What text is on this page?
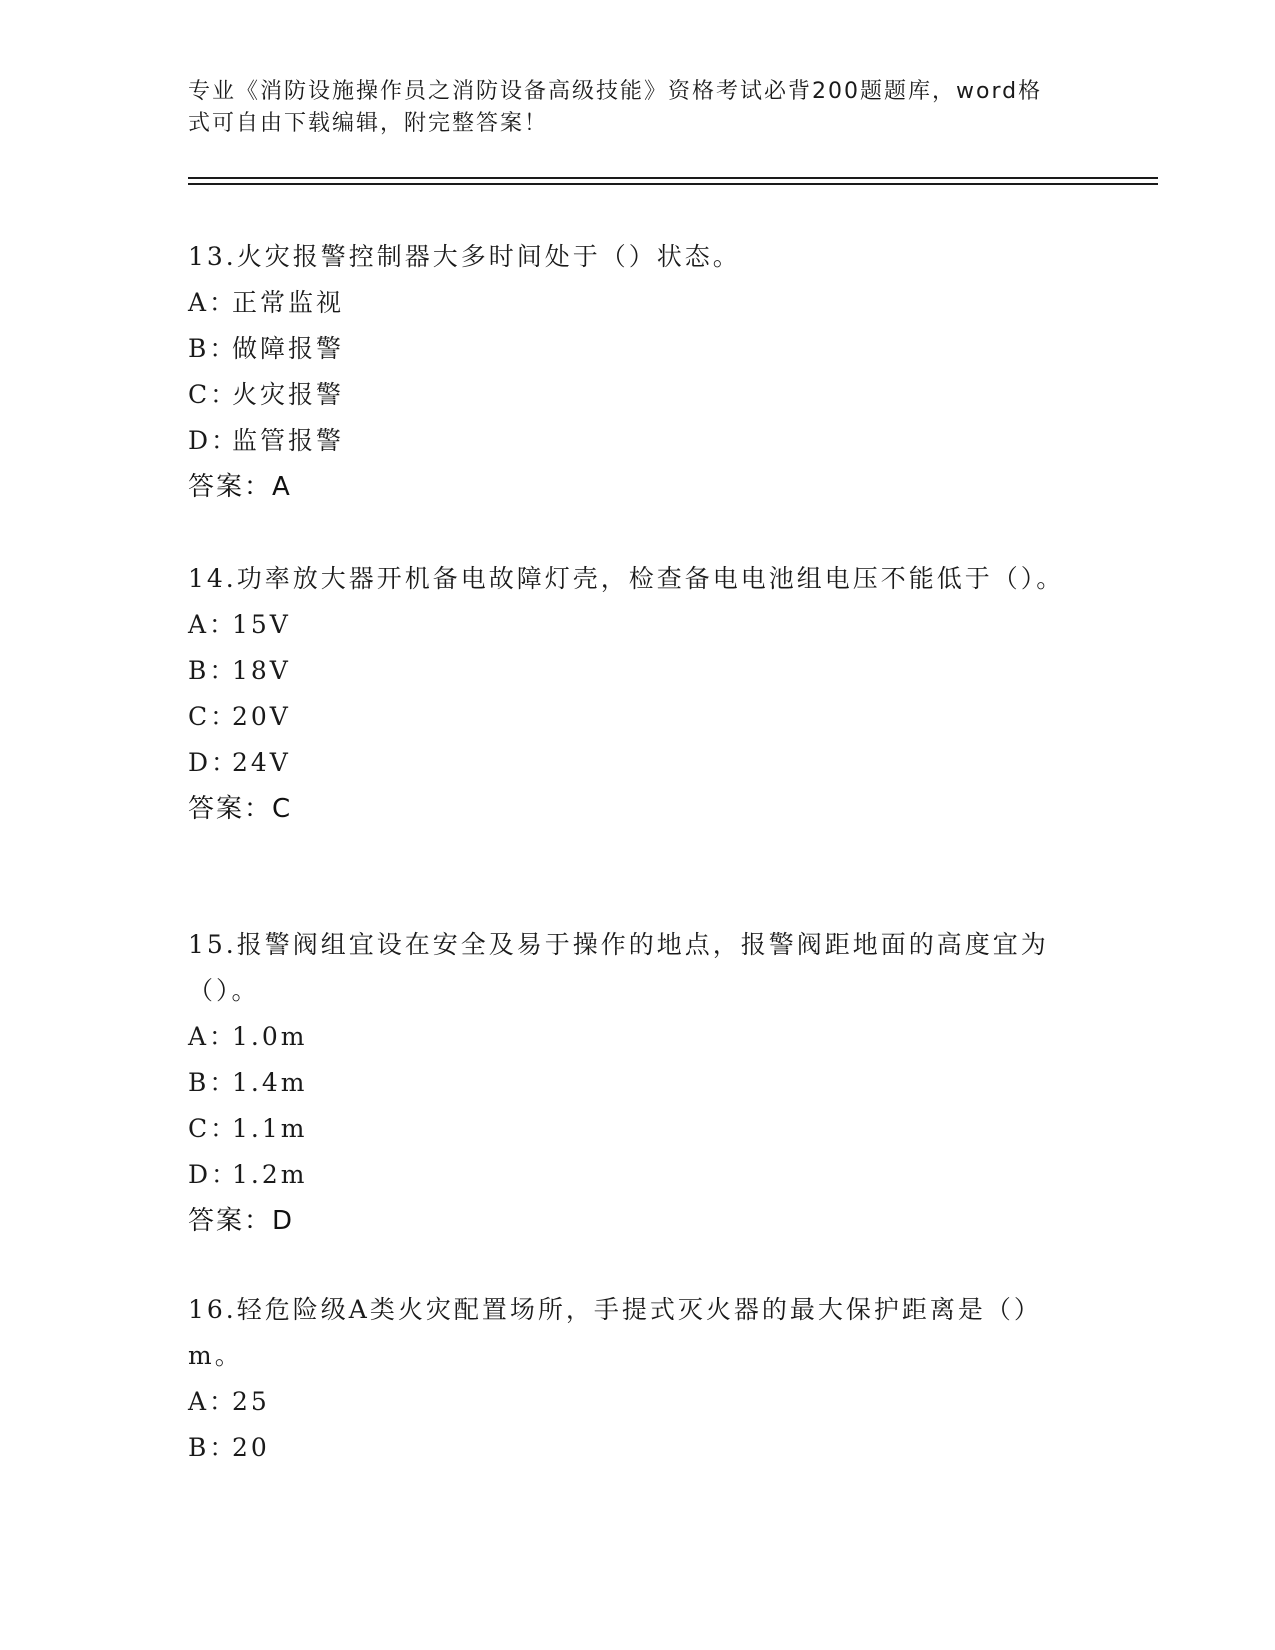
专业《消防设施操作员之消防设备高级技能》资格考试必背200题题库，word格
式可自由下载编辑，附完整答案！

13.火灾报警控制器大多时间处于（）状态。

A：正常监视
B：做障报警
C：火灾报警
D：监管报警
答案：A

14.功率放大器开机备电故障灯壳，检查备电电池组电压不能低于（）。

A：15V
B：18V
C：20V
D：24V
答案：C

15.报警阀组宜设在安全及易于操作的地点，报警阀距地面的高度宜为（）。

A：1.0m
B：1.4m
C：1.1m
D：1.2m
答案：D

16.轻危险级A类火灾配置场所，手提式灭火器的最大保护距离是（）m。

A：25
B：20
